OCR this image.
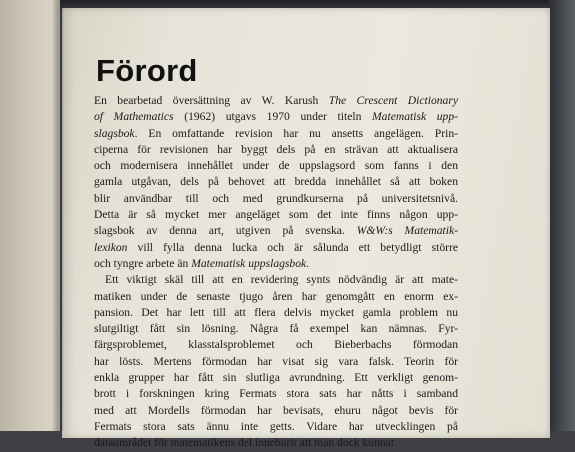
Förord
En bearbetad översättning av W. Karush The Crescent Dictionary
of Mathematics (1962) utgavs 1970 under titeln Matematisk upp-
slagsbok. En omfattande revision har nu ansetts angelägen. Prin-
ciperna för revisionen har byggt dels på en strävan att aktualisera
och modernisera innehållet under de uppslagsord som fanns i den
gamla utgåvan, dels på behovet att bredda innehållet så att boken
blir användbar till och med grundkurserna på universitetsnivå.
Detta är så mycket mer angeläget som det inte finns någon upp-
slagsbok av denna art, utgiven på svenska. W&W:s Matematik-
lexikon vill fylla denna lucka och är sålunda ett betydligt större
och tyngre arbete än Matematisk uppslagsbok.
Ett viktigt skäl till att en revidering synts nödvändig är att mate-
matiken under de senaste tjugo åren har genomgått en enorm ex-
pansion. Det har lett till att flera delvis mycket gamla problem nu
slutgiltigt fått sin lösning. Några få exempel kan nämnas. Fyr-
färgsproblemet, klasstalsproblemet och Bieberbachs förmodan
har lösts. Mertens förmodan har visat sig vara falsk. Teorin för
enkla grupper har fått sin slutliga avrundning. Ett verkligt genom-
brott i forskningen kring Fermats stora sats har nåtts i samband
med att Mordells förmodan har bevisats, ehuru något bevis för
Fermats stora sats ännu inte getts. Vidare har utvecklingen på
dataområdet för matematikens del inneburit att man dock kunnat
